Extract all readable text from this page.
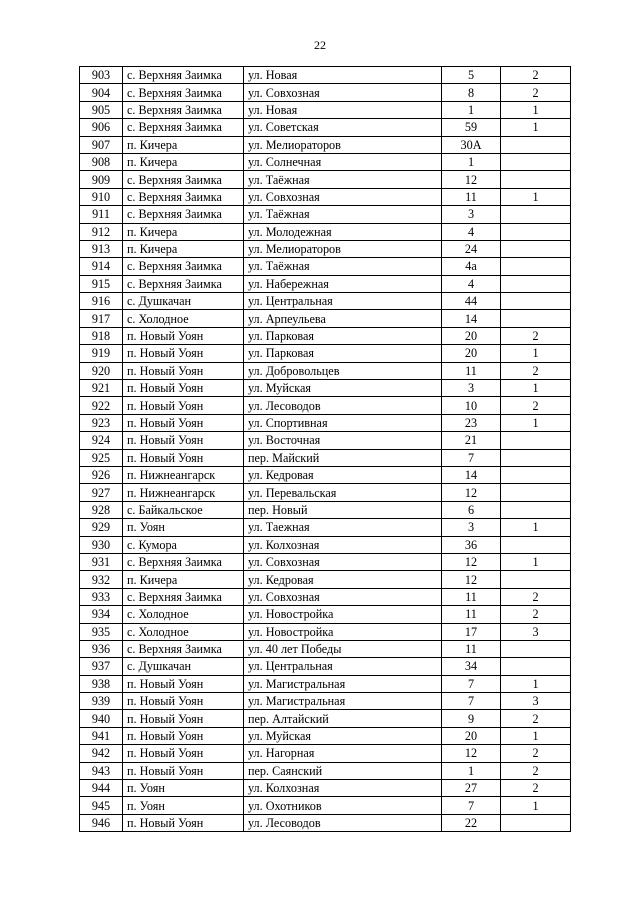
22
903	с. Верхняя Заимка	ул. Новая	5	2
904	с. Верхняя Заимка	ул. Совхозная	8	2
905	с. Верхняя Заимка	ул. Новая	1	1
906	с. Верхняя Заимка	ул. Советская	59	1
907	п. Кичера	ул. Мелиораторов	30А	
908	п. Кичера	ул. Солнечная	1	
909	с. Верхняя Заимка	ул. Таёжная	12	
910	с. Верхняя Заимка	ул. Совхозная	11	1
911	с. Верхняя Заимка	ул. Таёжная	3	
912	п. Кичера	ул. Молодежная	4	
913	п. Кичера	ул. Мелиораторов	24	
914	с. Верхняя Заимка	ул. Таёжная	4а	
915	с. Верхняя Заимка	ул. Набережная	4	
916	с. Душкачан	ул. Центральная	44	
917	с. Холодное	ул. Арпеульева	14	
918	п. Новый Уоян	ул. Парковая	20	2
919	п. Новый Уоян	ул. Парковая	20	1
920	п. Новый Уоян	ул. Добровольцев	11	2
921	п. Новый Уоян	ул. Муйская	3	1
922	п. Новый Уоян	ул. Лесоводов	10	2
923	п. Новый Уоян	ул. Спортивная	23	1
924	п. Новый Уоян	ул. Восточная	21	
925	п. Новый Уоян	пер. Майский	7	
926	п. Нижнеангарск	ул. Кедровая	14	
927	п. Нижнеангарск	ул. Перевальская	12	
928	с. Байкальское	пер. Новый	6	
929	п. Уоян	ул. Таежная	3	1
930	с. Кумора	ул. Колхозная	36	
931	с. Верхняя Заимка	ул. Совхозная	12	1
932	п. Кичера	ул. Кедровая	12	
933	с. Верхняя Заимка	ул. Совхозная	11	2
934	с. Холодное	ул. Новостройка	11	2
935	с. Холодное	ул. Новостройка	17	3
936	с. Верхняя Заимка	ул. 40 лет Победы	11	
937	с. Душкачан	ул. Центральная	34	
938	п. Новый Уоян	ул. Магистральная	7	1
939	п. Новый Уоян	ул. Магистральная	7	3
940	п. Новый Уоян	пер. Алтайский	9	2
941	п. Новый Уоян	ул. Муйская	20	1
942	п. Новый Уоян	ул. Нагорная	12	2
943	п. Новый Уоян	пер. Саянский	1	2
944	п. Уоян	ул. Колхозная	27	2
945	п. Уоян	ул. Охотников	7	1
946	п. Новый Уоян	ул. Лесоводов	22	
